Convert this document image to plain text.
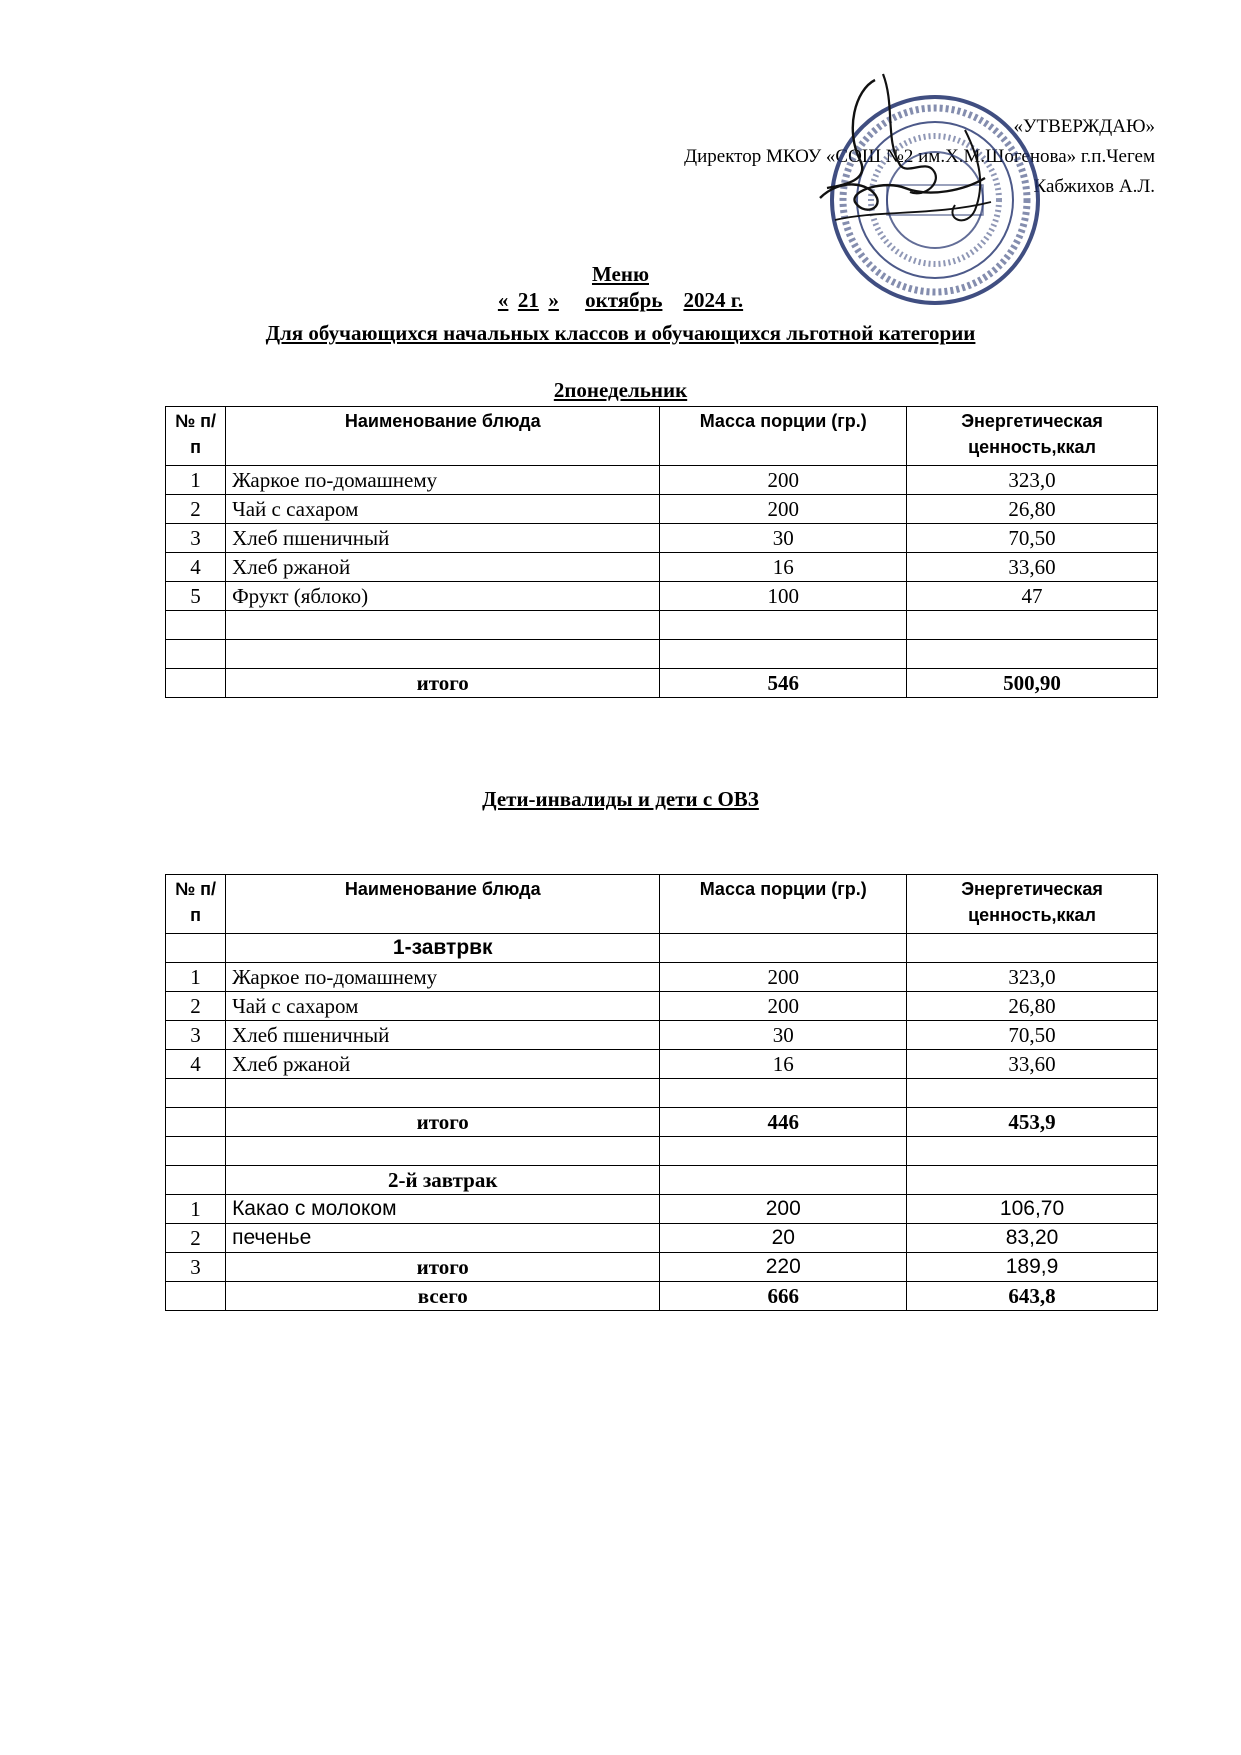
«УТВЕРЖДАЮ»
Директор МКОУ «СОШ №2 им.Х.М.Шогенова» г.п.Чегем
Кабжихов А.Л.
Меню
« 21 » октябрь 2024 г.
Для обучающихся начальных классов и обучающихся льготной категории
2понедельник
№ п/п	Наименование блюда	Масса порции (гр.)	Энергетическая ценность,ккал
1	Жаркое по-домашнему	200	323,0
2	Чай с сахаром	200	26,80
3	Хлеб пшеничный	30	70,50
4	Хлеб ржаной	16	33,60
5	Фрукт (яблоко)	100	47

	итого	546	500,90
Дети-инвалиды и дети с ОВЗ
№ п/п	Наименование блюда	Масса порции (гр.)	Энергетическая ценность,ккал
	1-завтрвк		
1	Жаркое по-домашнему	200	323,0
2	Чай с сахаром	200	26,80
3	Хлеб пшеничный	30	70,50
4	Хлеб ржаной	16	33,60

	итого	446	453,9

	2-й завтрак		
1	Какао с молоком	200	106,70
2	печенье	20	83,20
3	итого	220	189,9
	всего	666	643,8
